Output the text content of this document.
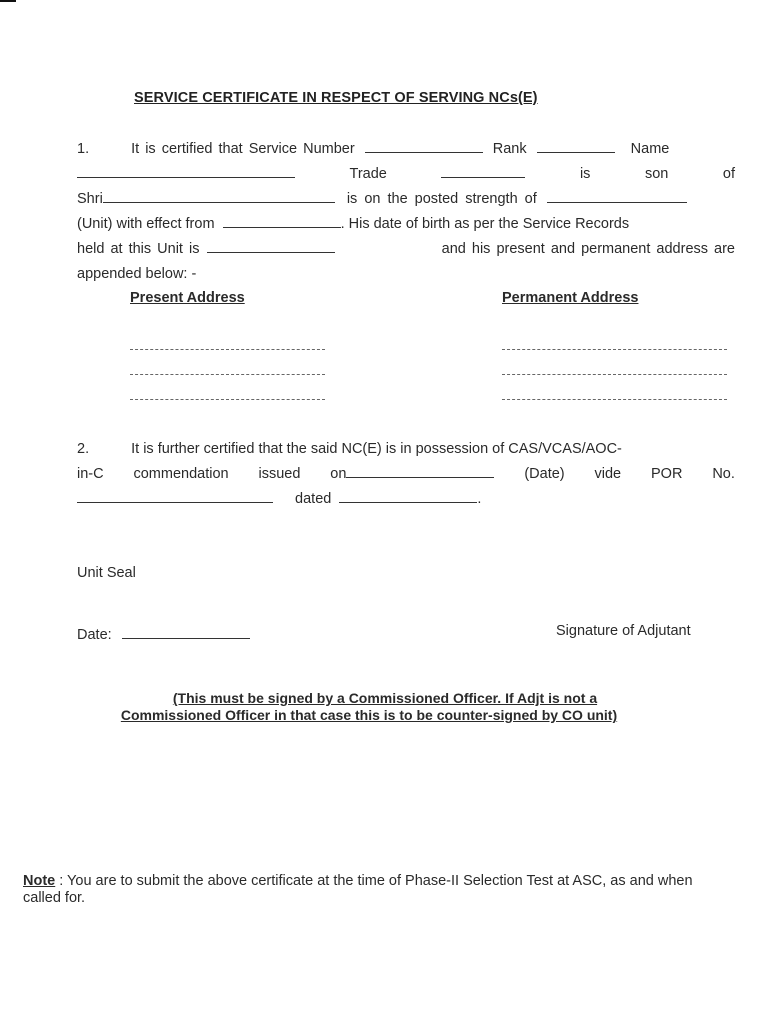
SERVICE CERTIFICATE IN RESPECT OF SERVING NCs(E)
1.	It is certified that Service Number	Rank	Name
Trade	is	son	of
Shri	is on the posted strength of
(Unit) with effect from	. His date of birth as per the Service Records
held at this Unit is	and his present and permanent address are
appended below: -
Present Address	Permanent Address
2.	It is further certified that the said NC(E) is in possession of CAS/VCAS/AOC-
in-C commendation issued on	(Date) vide POR No.
dated	.
Unit Seal
Date:	Signature of Adjutant
(This must be signed by a Commissioned Officer. If Adjt is not a
Commissioned Officer in that case this is to be counter-signed by CO unit)
Note : You are to submit the above certificate at the time of Phase-II Selection Test at ASC, as and when called for.
